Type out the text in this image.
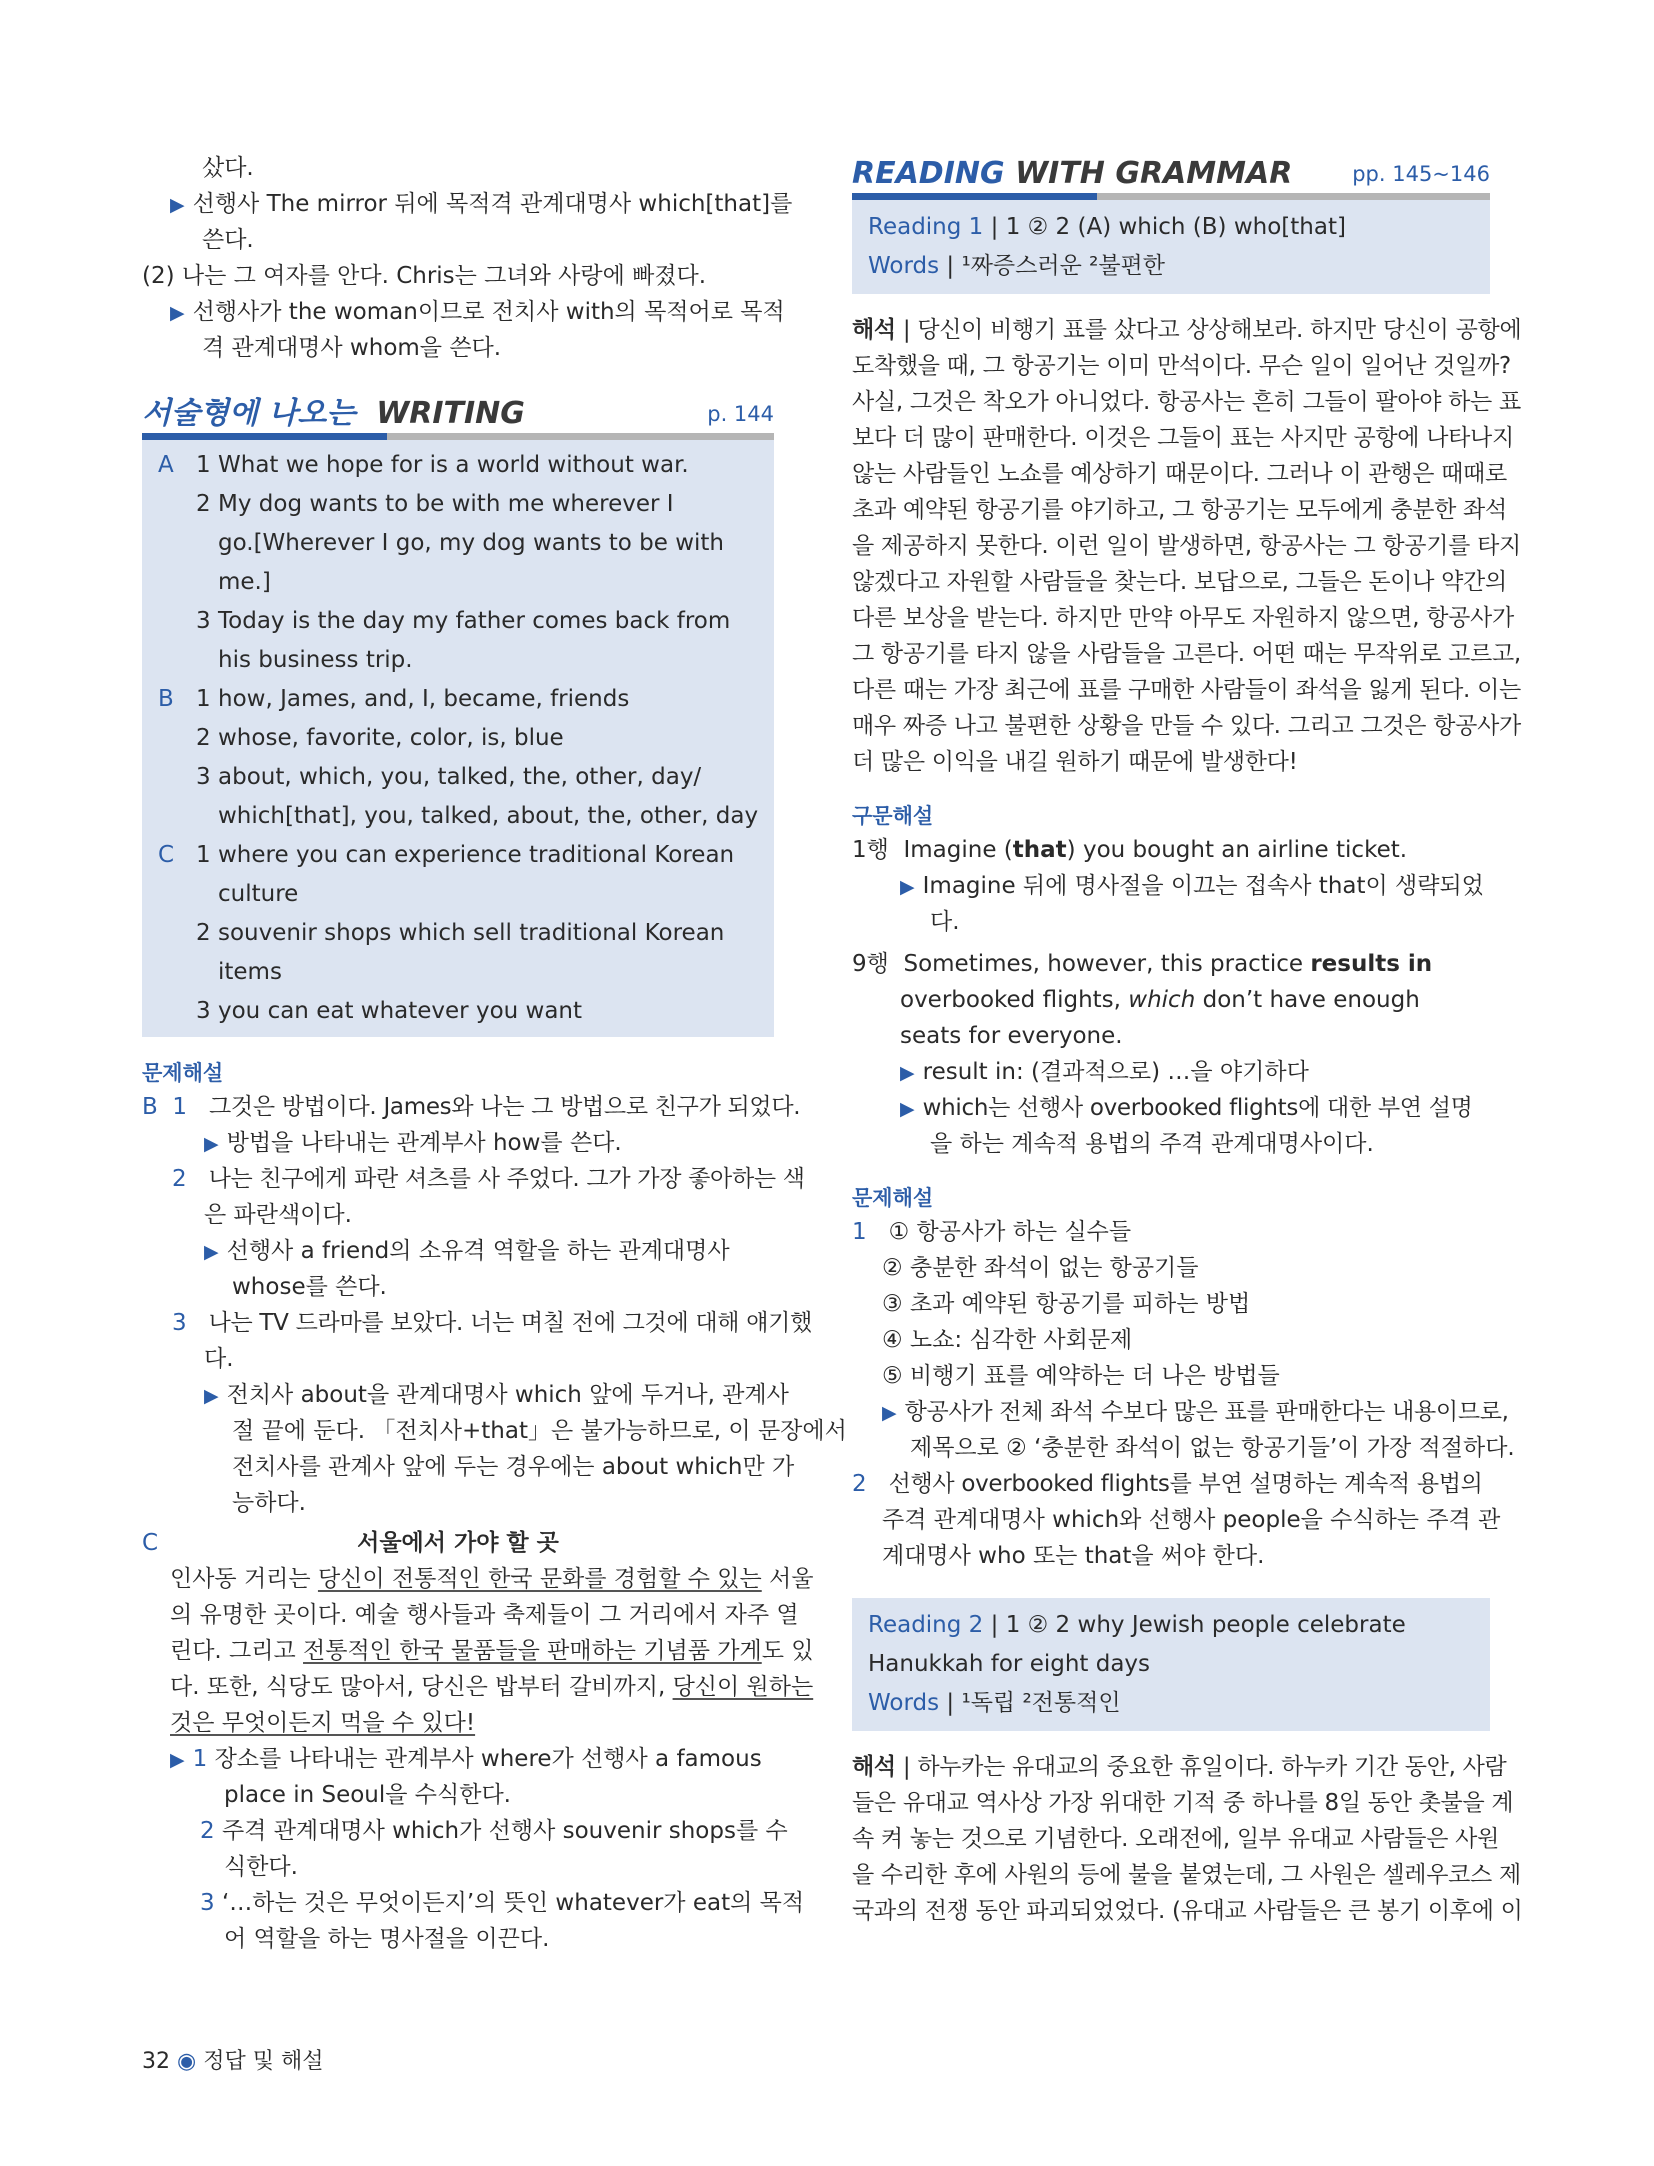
샀다.
▶ 선행사 The mirror 뒤에 목적격 관계대명사 which[that]를
쓴다.
(2) 나는 그 여자를 안다. Chris는 그녀와 사랑에 빠졌다.
▶ 선행사가 the woman이므로 전치사 with의 목적어로 목적
격 관계대명사 whom을 쓴다.
서술형에 나오는 WRITING	p. 144
A 1 What we hope for is a world without war.
2 My dog wants to be with me wherever I
go.[Wherever I go, my dog wants to be with
me.]
3 Today is the day my father comes back from
his business trip.
B 1 how, James, and, I, became, friends
2 whose, favorite, color, is, blue
3 about, which, you, talked, the, other, day/
which[that], you, talked, about, the, other, day
C 1 where you can experience traditional Korean
culture
2 souvenir shops which sell traditional Korean
items
3 you can eat whatever you want
문제해설
B 1 그것은 방법이다. James와 나는 그 방법으로 친구가 되었다.
▶ 방법을 나타내는 관계부사 how를 쓴다.
2 나는 친구에게 파란 셔츠를 사 주었다. 그가 가장 좋아하는 색
은 파란색이다.
▶ 선행사 a friend의 소유격 역할을 하는 관계대명사
whose를 쓴다.
3 나는 TV 드라마를 보았다. 너는 며칠 전에 그것에 대해 얘기했
다.
▶ 전치사 about을 관계대명사 which 앞에 두거나, 관계사
절 끝에 둔다. 「전치사+that」은 불가능하므로, 이 문장에서
전치사를 관계사 앞에 두는 경우에는 about which만 가
능하다.
C	서울에서 가야 할 곳
인사동 거리는 당신이 전통적인 한국 문화를 경험할 수 있는 서울
의 유명한 곳이다. 예술 행사들과 축제들이 그 거리에서 자주 열
린다. 그리고 전통적인 한국 물품들을 판매하는 기념품 가게도 있
다. 또한, 식당도 많아서, 당신은 밥부터 갈비까지, 당신이 원하는
것은 무엇이든지 먹을 수 있다!
▶ 1 장소를 나타내는 관계부사 where가 선행사 a famous
place in Seoul을 수식한다.
2 주격 관계대명사 which가 선행사 souvenir shops를 수
식한다.
3 ‘…하는 것은 무엇이든지’의 뜻인 whatever가 eat의 목적
어 역할을 하는 명사절을 이끈다.
READING WITH GRAMMAR	pp. 145~146
Reading 1 | 1 ② 2 (A) which (B) who[that]
Words | ¹짜증스러운 ²불편한
해석 | 당신이 비행기 표를 샀다고 상상해보라. 하지만 당신이 공항에
도착했을 때, 그 항공기는 이미 만석이다. 무슨 일이 일어난 것일까?
사실, 그것은 착오가 아니었다. 항공사는 흔히 그들이 팔아야 하는 표
보다 더 많이 판매한다. 이것은 그들이 표는 사지만 공항에 나타나지
않는 사람들인 노쇼를 예상하기 때문이다. 그러나 이 관행은 때때로
초과 예약된 항공기를 야기하고, 그 항공기는 모두에게 충분한 좌석
을 제공하지 못한다. 이런 일이 발생하면, 항공사는 그 항공기를 타지
않겠다고 자원할 사람들을 찾는다. 보답으로, 그들은 돈이나 약간의
다른 보상을 받는다. 하지만 만약 아무도 자원하지 않으면, 항공사가
그 항공기를 타지 않을 사람들을 고른다. 어떤 때는 무작위로 고르고,
다른 때는 가장 최근에 표를 구매한 사람들이 좌석을 잃게 된다. 이는
매우 짜증 나고 불편한 상황을 만들 수 있다. 그리고 그것은 항공사가
더 많은 이익을 내길 원하기 때문에 발생한다!
구문해설
1행 Imagine (that) you bought an airline ticket.
▶ Imagine 뒤에 명사절을 이끄는 접속사 that이 생략되었
다.
9행 Sometimes, however, this practice results in
overbooked flights, which don’t have enough
seats for everyone.
▶ result in: (결과적으로) …을 야기하다
▶ which는 선행사 overbooked flights에 대한 부연 설명
을 하는 계속적 용법의 주격 관계대명사이다.
문제해설
1 ① 항공사가 하는 실수들
② 충분한 좌석이 없는 항공기들
③ 초과 예약된 항공기를 피하는 방법
④ 노쇼: 심각한 사회문제
⑤ 비행기 표를 예약하는 더 나은 방법들
▶ 항공사가 전체 좌석 수보다 많은 표를 판매한다는 내용이므로,
제목으로 ② ‘충분한 좌석이 없는 항공기들’이 가장 적절하다.
2 선행사 overbooked flights를 부연 설명하는 계속적 용법의
주격 관계대명사 which와 선행사 people을 수식하는 주격 관
계대명사 who 또는 that을 써야 한다.
Reading 2 | 1 ② 2 why Jewish people celebrate
Hanukkah for eight days
Words | ¹독립 ²전통적인
해석 | 하누카는 유대교의 중요한 휴일이다. 하누카 기간 동안, 사람
들은 유대교 역사상 가장 위대한 기적 중 하나를 8일 동안 촛불을 계
속 켜 놓는 것으로 기념한다. 오래전에, 일부 유대교 사람들은 사원
을 수리한 후에 사원의 등에 불을 붙였는데, 그 사원은 셀레우코스 제
국과의 전쟁 동안 파괴되었었다. (유대교 사람들은 큰 봉기 이후에 이
32 ◉ 정답 및 해설
